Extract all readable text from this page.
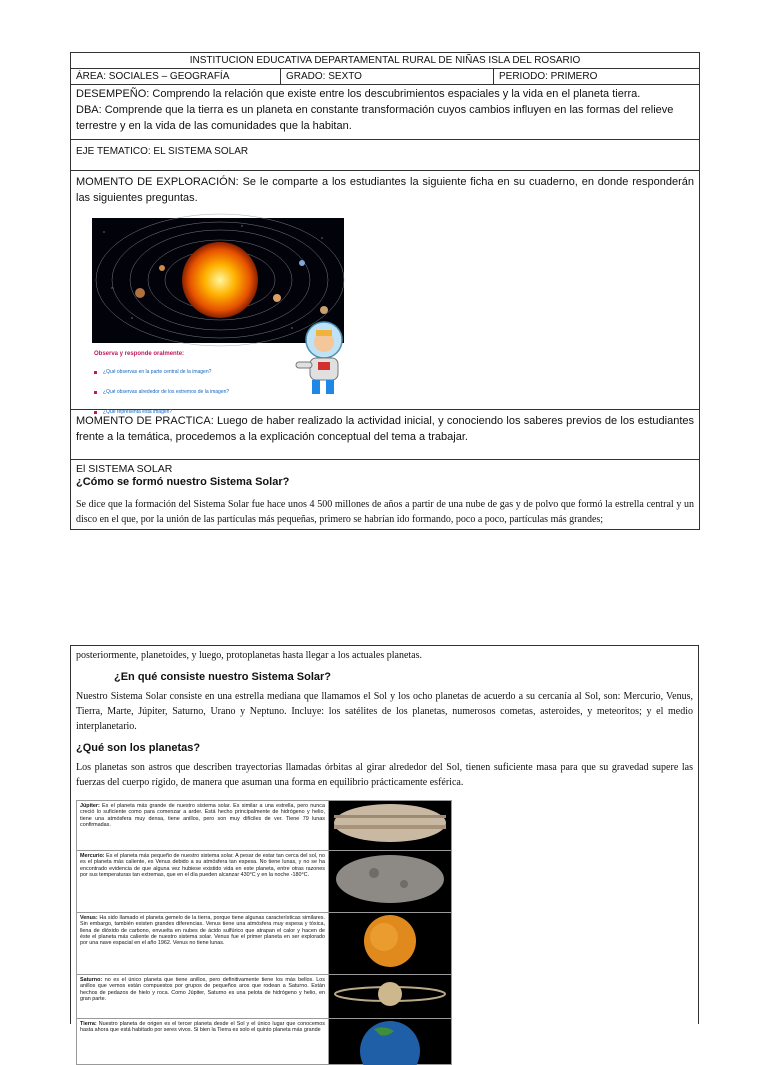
INSTITUCION EDUCATIVA DEPARTAMENTAL RURAL DE NIÑAS ISLA DEL ROSARIO
ÁREA: SOCIALES – GEOGRAFÍA	GRADO: SEXTO	PERIODO: PRIMERO

DESEMPEÑO: Comprendo la relación que existe entre los descubrimientos espaciales y la vida en el planeta tierra.
DBA: Comprende que la tierra es un planeta en constante transformación cuyos cambios influyen en las formas del relieve terrestre y en la vida de las comunidades que la habitan.

EJE TEMATICO: EL SISTEMA SOLAR

MOMENTO DE EXPLORACIÓN: Se le comparte a los estudiantes la siguiente ficha en su cuaderno, en donde responderán las siguientes preguntas.
Observa y responde oralmente:
¿Qué observas en la parte central de la imagen?
¿Qué observas alrededor de los extremos de la imagen?
¿Qué representa esta imagen?

MOMENTO DE PRACTICA: Luego de haber realizado la actividad inicial, y conociendo los saberes previos de los estudiantes frente a la temática, procedemos a la explicación conceptual del tema a trabajar.

El SISTEMA SOLAR
¿Cómo se formó nuestro Sistema Solar?

Se dice que la formación del Sistema Solar fue hace unos 4 500 millones de años a partir de una nube de gas y de polvo que formó la estrella central y un disco en el que, por la unión de las partículas más pequeñas, primero se habrían ido formando, poco a poco, partículas más grandes;

posteriormente, planetoides, y luego, protoplanetas hasta llegar a los actuales planetas.

¿En qué consiste nuestro Sistema Solar?

Nuestro Sistema Solar consiste en una estrella mediana que llamamos el Sol y los ocho planetas de acuerdo a su cercanía al Sol, son: Mercurio, Venus, Tierra, Marte, Júpiter, Saturno, Urano y Neptuno. Incluye: los satélites de los planetas, numerosos cometas, asteroides, y meteoritos; y el medio interplanetario.

¿Qué son los planetas?

Los planetas son astros que describen trayectorias llamadas órbitas al girar alrededor del Sol, tienen suficiente masa para que su gravedad supere las fuerzas del cuerpo rígido, de manera que asuman una forma en equilibrio prácticamente esférica.

Júpiter: Es el planeta más grande de nuestro sistema solar. Es similar a una estrella, pero nunca creció lo suficiente como para comenzar a arder. Está hecho principalmente de hidrógeno y helio, tiene una atmósfera muy densa, tiene anillos, pero son muy difíciles de ver. Tiene 79 lunas confirmadas.	
Mercurio: Es el planeta más pequeño de nuestro sistema solar. A pesar de estar tan cerca del sol, no es el planeta más caliente, es Venus debido a su atmósfera tan espesa. No tiene lunas, y no se ha encontrado evidencia de que alguna vez hubiese existido vida en este planeta, entre otras razones por sus temperaturas tan extremas, que en el día pueden alcanzar 430°C y en la noche -180°C.	
Venus: Ha sido llamado el planeta gemelo de la tierra, porque tiene algunas características similares. Sin embargo, también existen grandes diferencias. Venus tiene una atmósfera muy espesa y tóxica, llena de dióxido de carbono, envuelta en nubes de ácido sulfúrico que atrapan el calor y hacen de éste el planeta más caliente de nuestro sistema solar. Venus fue el primer planeta en ser explorado por una nave espacial en el año 1962. Venus no tiene lunas.	
Saturno: no es el único planeta que tiene anillos, pero definitivamente tiene los más bellos. Los anillos que vemos están compuestos por grupos de pequeños aros que rodean a Saturno. Están hechos de pedazos de hielo y roca. Como Júpiter, Saturno es una pelota de hidrógeno y helio, en gran parte.	
Tierra: Nuestro planeta de origen es el tercer planeta desde el Sol y el único lugar que conocemos hasta ahora que está habitado por seres vivos. Si bien la Tierra es solo el quinto planeta más grande	
